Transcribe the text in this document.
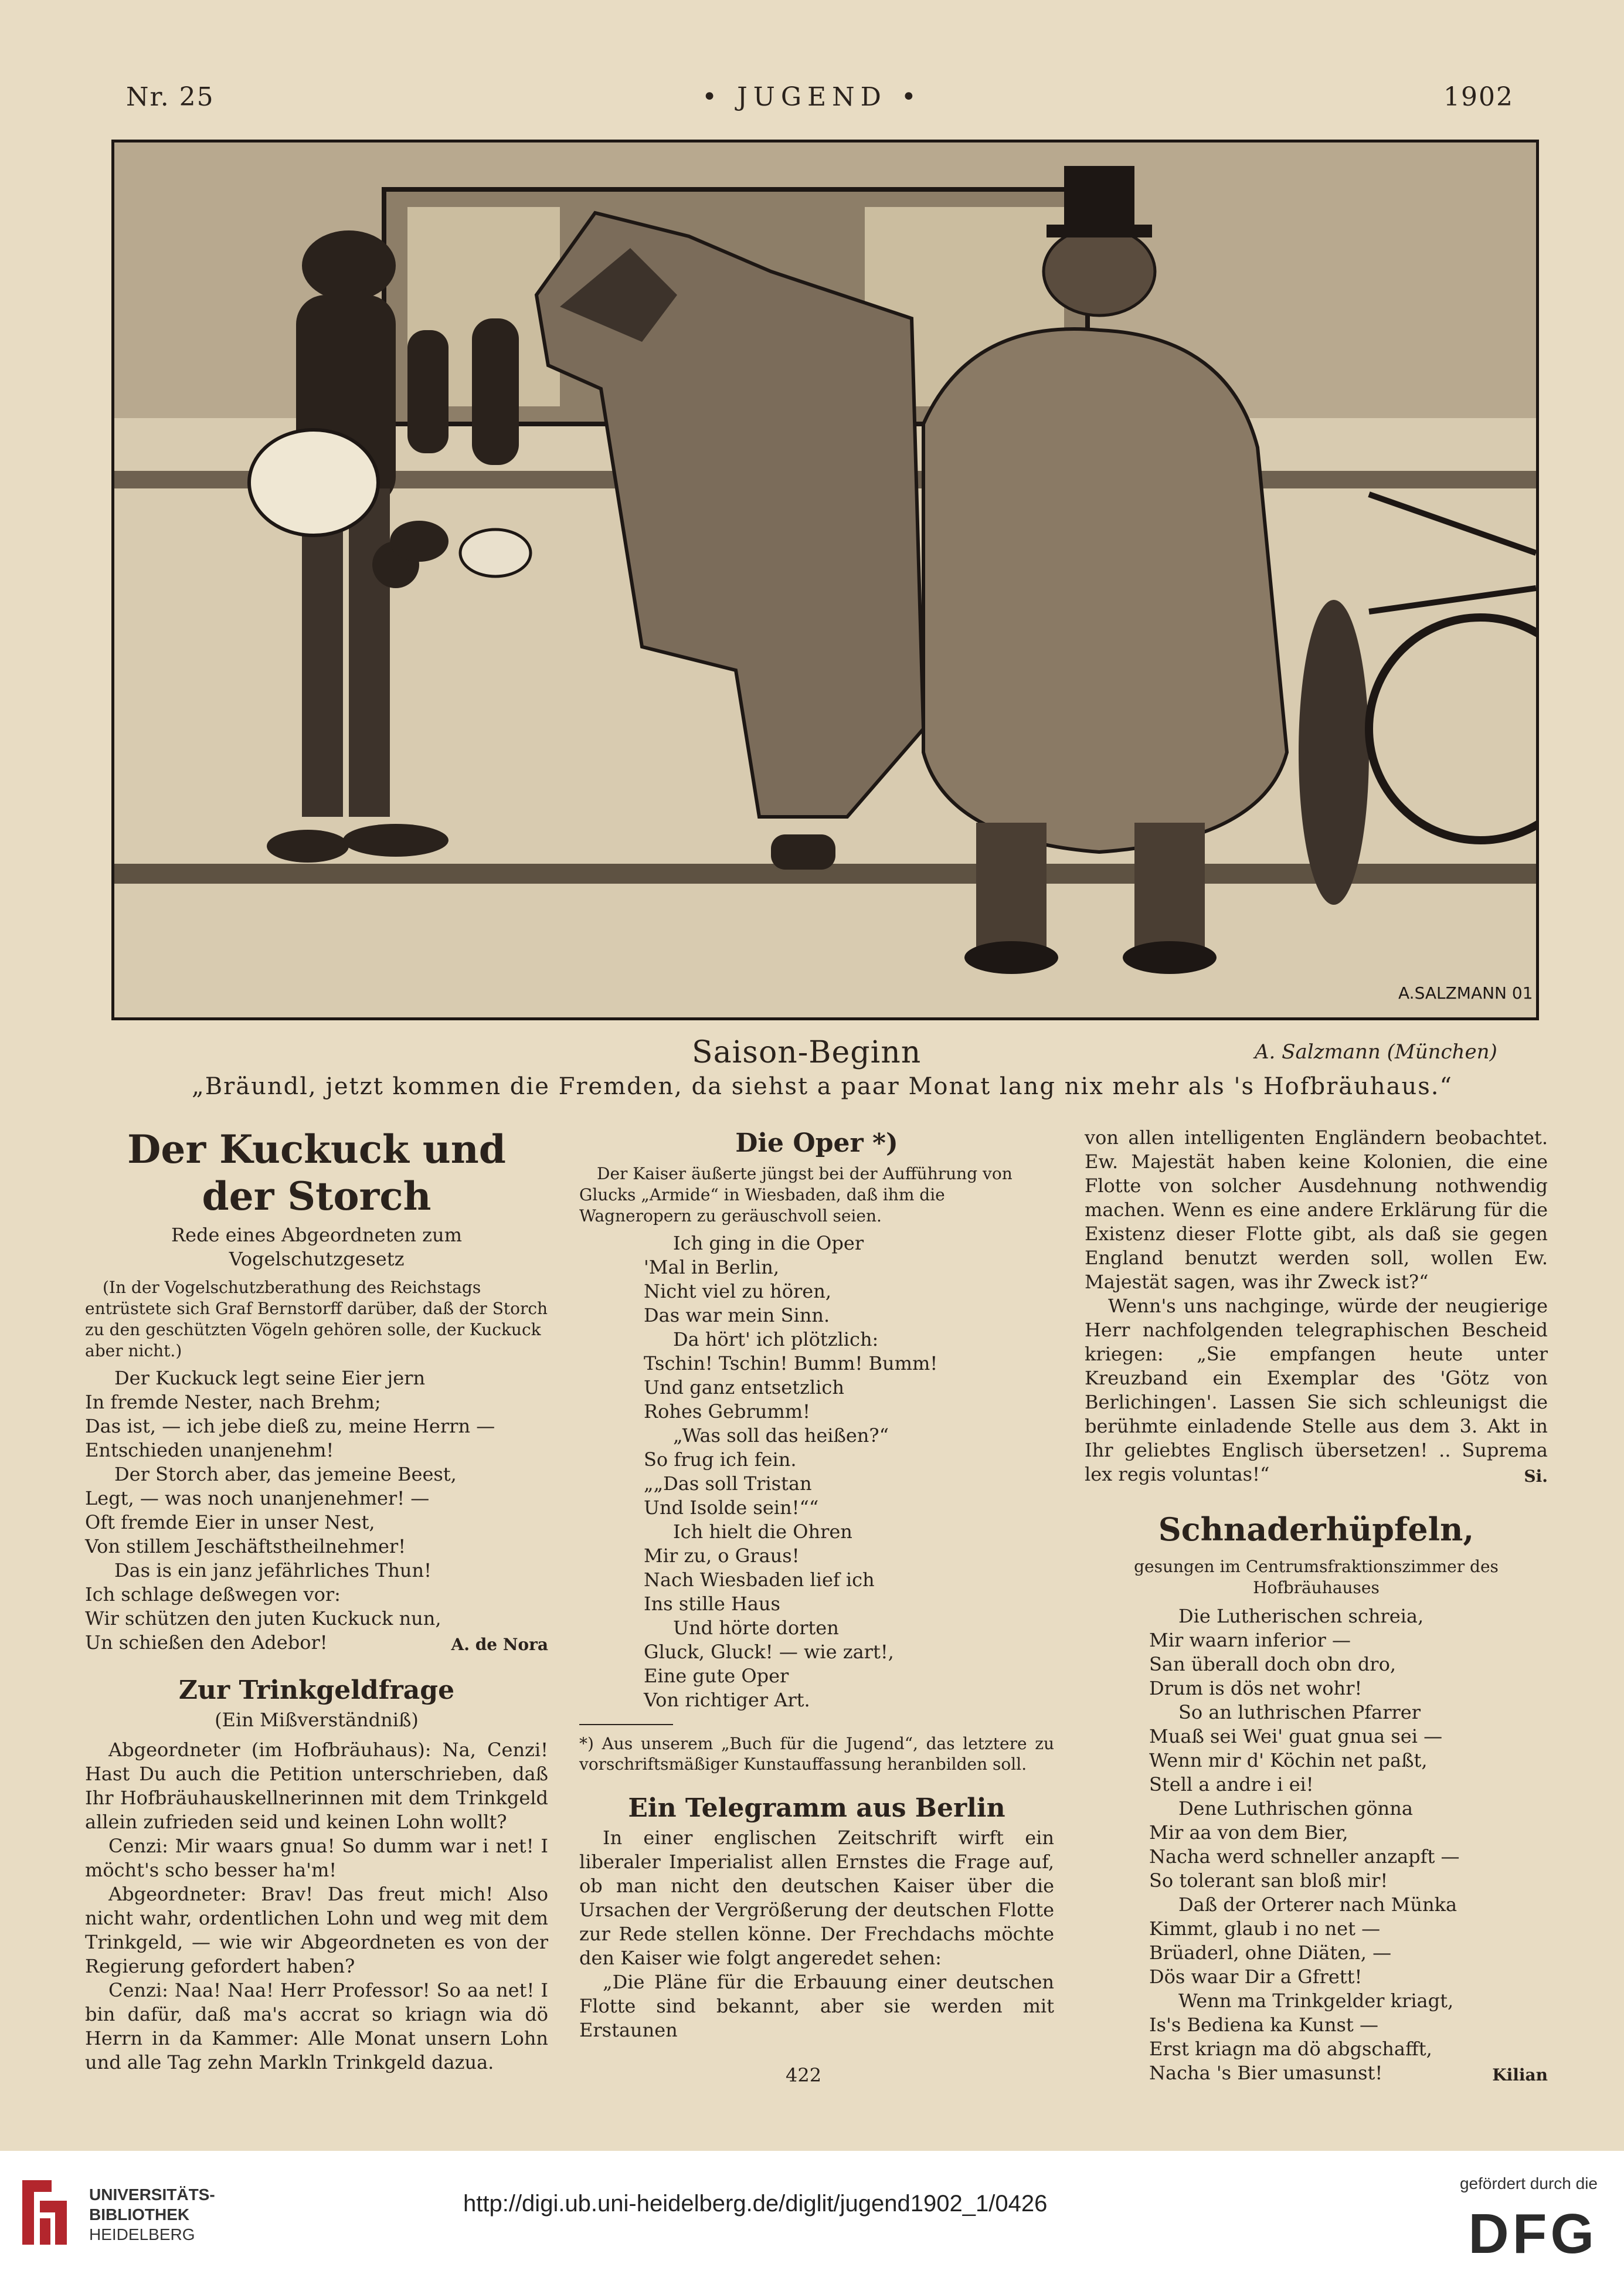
Nr. 25	• JUGEND •	1902
A.SALZMANN 01
Saison-Beginn	A. Salzmann (München)
„Bräundl, jetzt kommen die Fremden, da siehst a paar Monat lang nix mehr als 's Hofbräuhaus.“
Der Kuckuck und der Storch
Rede eines Abgeordneten zum Vogelschutzgesetz
(In der Vogelschutzberathung des Reichstags entrüstete sich Graf Bernstorff darüber, daß der Storch zu den geschützten Vögeln gehören solle, der Kuckuck aber nicht.)
Der Kuckuck legt seine Eier jern
In fremde Nester, nach Brehm;
Das ist, — ich jebe dieß zu, meine Herrn —
Entschieden unanjenehm!
Der Storch aber, das jemeine Beest,
Legt, — was noch unanjenehmer! —
Oft fremde Eier in unser Nest,
Von stillem Jeschäftstheilnehmer!
Das is ein janz jefährliches Thun!
Ich schlage deßwegen vor:
Wir schützen den juten Kuckuck nun,
Un schießen den Adebor!	A. de Nora
Zur Trinkgeldfrage
(Ein Mißverständniß)

Abgeordneter (im Hofbräuhaus): Na, Cenzi! Hast Du auch die Petition unterschrieben, daß Ihr Hofbräuhauskellnerinnen mit dem Trinkgeld allein zufrieden seid und keinen Lohn wollt?

Cenzi: Mir waars gnua! So dumm war i net! I möcht's scho besser ha'm!

Abgeordneter: Brav! Das freut mich! Also nicht wahr, ordentlichen Lohn und weg mit dem Trinkgeld, — wie wir Abgeordneten es von der Regierung gefordert haben?

Cenzi: Naa! Naa! Herr Professor! So aa net! I bin dafür, daß ma's accrat so kriagn wia dö Herrn in da Kammer: Alle Monat unsern Lohn und alle Tag zehn Markln Trinkgeld dazua.

Die Oper *)
Der Kaiser äußerte jüngst bei der Aufführung von Glucks „Armide“ in Wiesbaden, daß ihm die Wagneropern zu geräuschvoll seien.
Ich ging in die Oper
'Mal in Berlin,
Nicht viel zu hören,
Das war mein Sinn.
Da hört' ich plötzlich:
Tschin! Tschin! Bumm! Bumm!
Und ganz entsetzlich
Rohes Gebrumm!
„Was soll das heißen?“
So frug ich fein.
„„Das soll Tristan
Und Isolde sein!““
Ich hielt die Ohren
Mir zu, o Graus!
Nach Wiesbaden lief ich
Ins stille Haus
Und hörte dorten
Gluck, Gluck! — wie zart!,
Eine gute Oper
Von richtiger Art.
*) Aus unserem „Buch für die Jugend“, das letztere zu vorschriftsmäßiger Kunstauffassung heranbilden soll.
Ein Telegramm aus Berlin

In einer englischen Zeitschrift wirft ein liberaler Imperialist allen Ernstes die Frage auf, ob man nicht den deutschen Kaiser über die Ursachen der Vergrößerung der deutschen Flotte zur Rede stellen könne. Der Frechdachs möchte den Kaiser wie folgt angeredet sehen:

„Die Pläne für die Erbauung einer deutschen Flotte sind bekannt, aber sie werden mit Erstaunen

von allen intelligenten Engländern beobachtet. Ew. Majestät haben keine Kolonien, die eine Flotte von solcher Ausdehnung nothwendig machen. Wenn es eine andere Erklärung für die Existenz dieser Flotte gibt, als daß sie gegen England benutzt werden soll, wollen Ew. Majestät sagen, was ihr Zweck ist?“

Wenn's uns nachginge, würde der neugierige Herr nachfolgenden telegraphischen Bescheid kriegen: „Sie empfangen heute unter Kreuzband ein Exemplar des 'Götz von Berlichingen'. Lassen Sie sich schleunigst die berühmte einladende Stelle aus dem 3. Akt in Ihr geliebtes Englisch übersetzen! .. Suprema lex regis voluntas!“	Si.
Schnaderhüpfeln,
gesungen im Centrumsfraktionszimmer des Hofbräuhauses
Die Lutherischen schreia,
Mir waarn inferior —
San überall doch obn dro,
Drum is dös net wohr!
So an luthrischen Pfarrer
Muaß sei Wei' guat gnua sei —
Wenn mir d' Köchin net paßt,
Stell a andre i ei!
Dene Luthrischen gönna
Mir aa von dem Bier,
Nacha werd schneller anzapft —
So tolerant san bloß mir!
Daß der Orterer nach Münka
Kimmt, glaub i no net —
Brüaderl, ohne Diäten, —
Dös waar Dir a Gfrett!
Wenn ma Trinkgelder kriagt,
Is's Bediena ka Kunst —
Erst kriagn ma dö abgschafft,
Nacha 's Bier umasunst!	Kilian
422
UNIVERSITÄTS-
BIBLIOTHEK
HEIDELBERG
http://digi.ub.uni-heidelberg.de/diglit/jugend1902_1/0426
gefördert durch die
DFG
